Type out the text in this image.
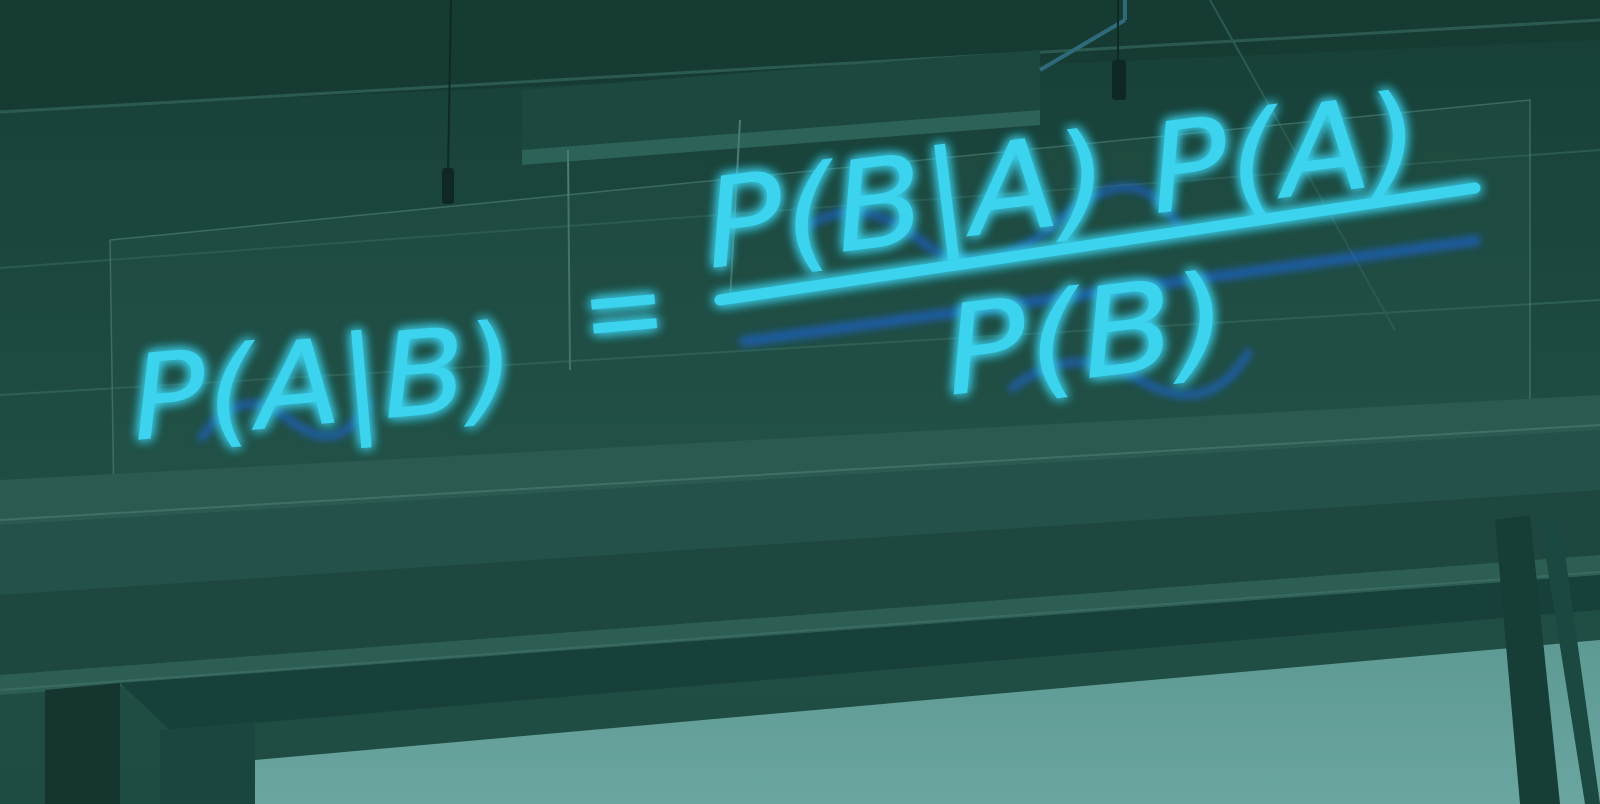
P(A|B) =
P(B|A) P(A)
P(B)
